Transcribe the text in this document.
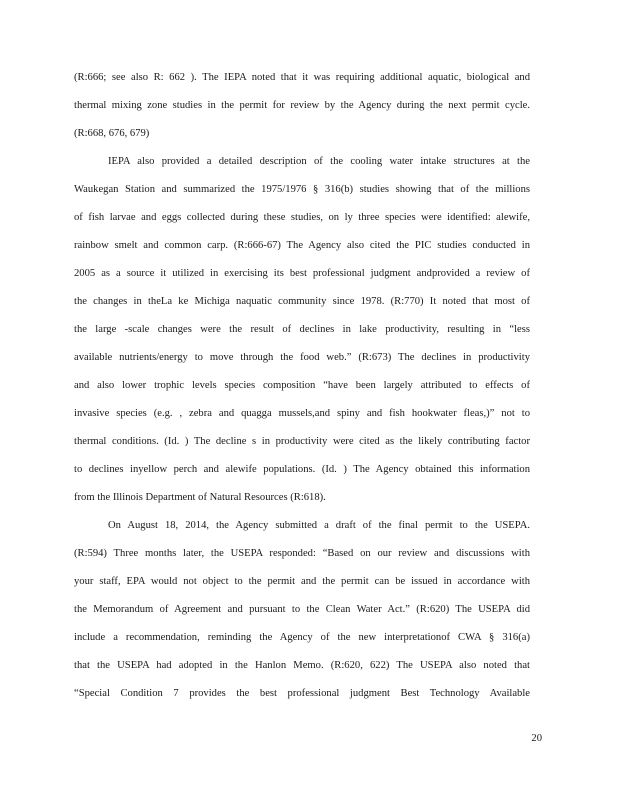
(R:666; see also R: 662 ). The IEPA noted that it was requiring additional aquatic, biological and
thermal mixing zone studies in the permit for review by the Agency during the next permit cycle.
(R:668, 676, 679)
IEPA also provided a detailed description of the cooling water intake structures at the
Waukegan Station and summarized the 1975/1976 § 316(b) studies showing that of the millions
of fish larvae and eggs collected during these studies, on ly three species were identified: alewife,
rainbow smelt and common carp. (R:666-67) The Agency also cited the PIC studies conducted in
2005 as a source it utilized in exercising its best professional judgment andprovided a review of
the changes in theLa ke Michiga naquatic community since 1978. (R:770) It noted that most of
the large -scale changes were the result of declines in lake productivity, resulting in “less
available nutrients/energy to move through the food web.” (R:673) The declines in productivity
and also lower trophic levels species composition “have been largely attributed to effects of
invasive species (e.g. , zebra and quagga mussels,and spiny and fish hookwater fleas,)” not to
thermal conditions. (Id. ) The decline s in productivity were cited as the likely contributing factor
to declines inyellow perch and alewife populations. (Id. ) The Agency obtained this information
from the Illinois Department of Natural Resources (R:618).
On August 18, 2014, the Agency submitted a draft of the final permit to the USEPA.
(R:594) Three months later, the USEPA responded: “Based on our review and discussions with
your staff, EPA would not object to the permit and the permit can be issued in accordance with
the Memorandum of Agreement and pursuant to the Clean Water Act.” (R:620) The USEPA did
include a recommendation, reminding the Agency of the new interpretationof CWA § 316(a)
that the USEPA had adopted in the Hanlon Memo. (R:620, 622) The USEPA also noted that
“Special Condition 7 provides the best professional judgment Best Technology Available
20
